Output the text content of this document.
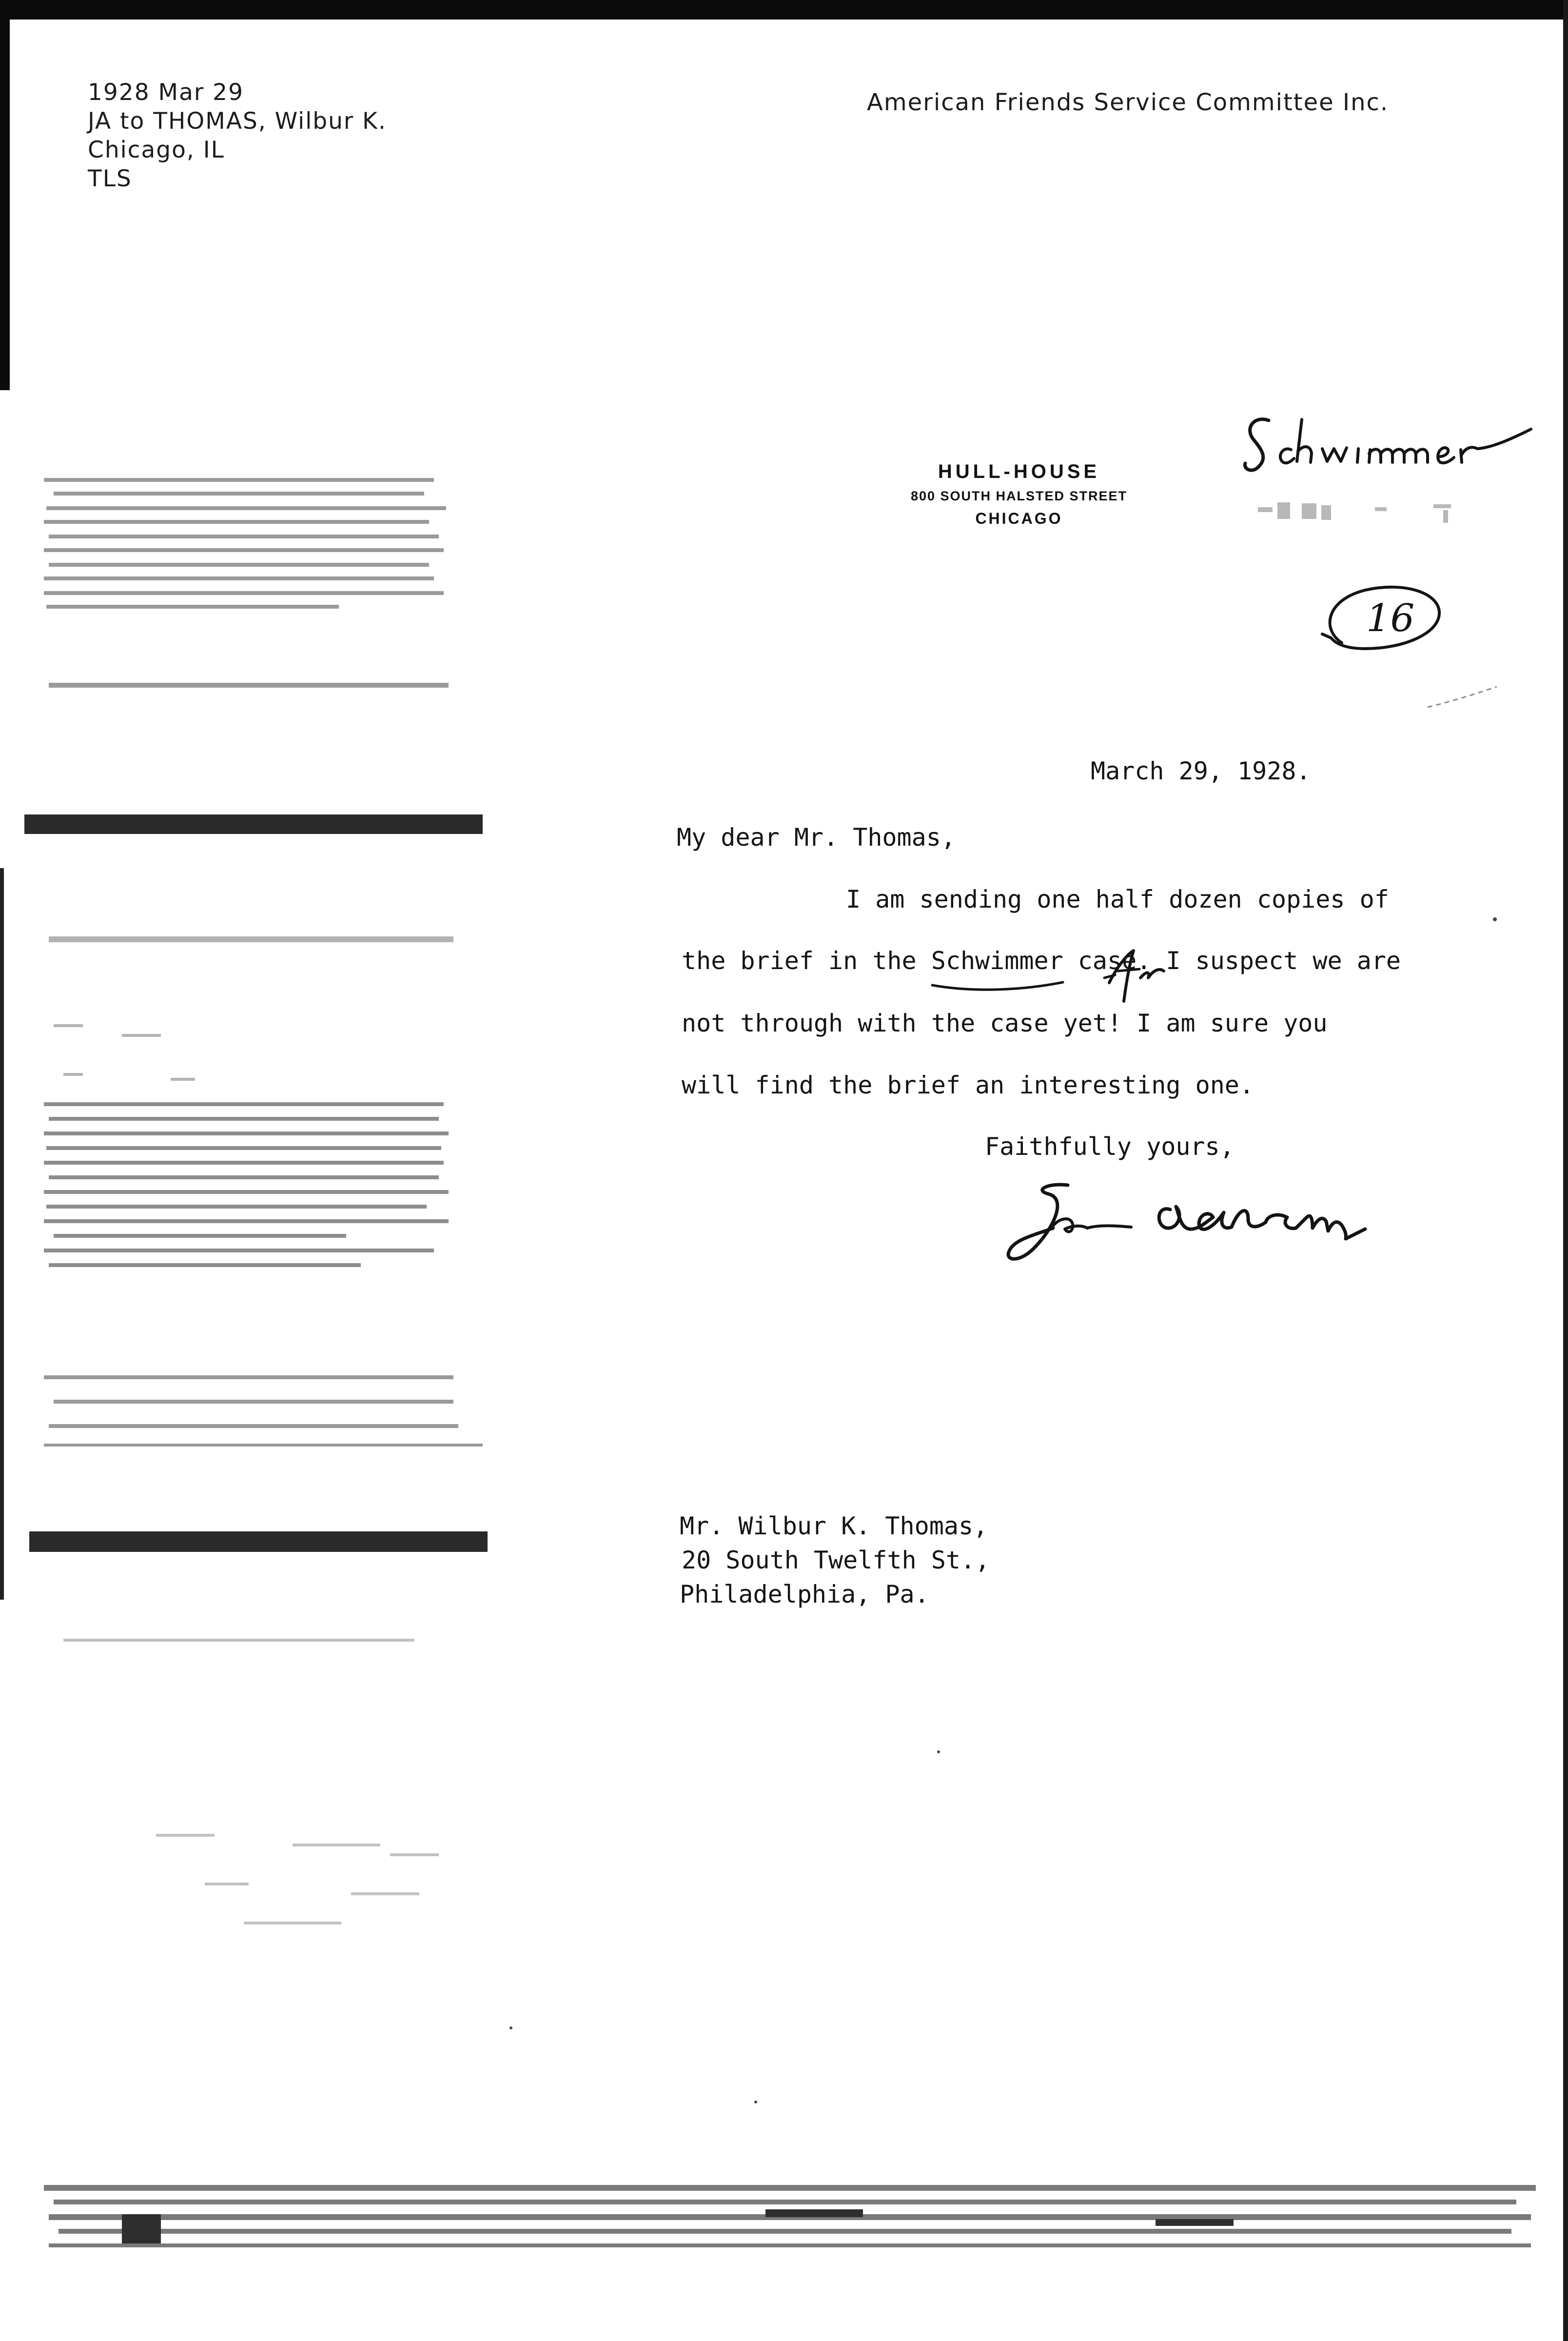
1928 Mar 29
JA to THOMAS, Wilbur K.
Chicago, IL
TLS
American Friends Service Committee Inc.
HULL-HOUSE
800 SOUTH HALSTED STREET
CHICAGO
16
March 29, 1928.
My dear Mr. Thomas,
I am sending one half dozen copies of
the brief in the Schwimmer case. I suspect we are
not through with the case yet! I am sure you
will find the brief an interesting one.
Faithfully yours,
Mr. Wilbur K. Thomas,
20 South Twelfth St.,
Philadelphia, Pa.
